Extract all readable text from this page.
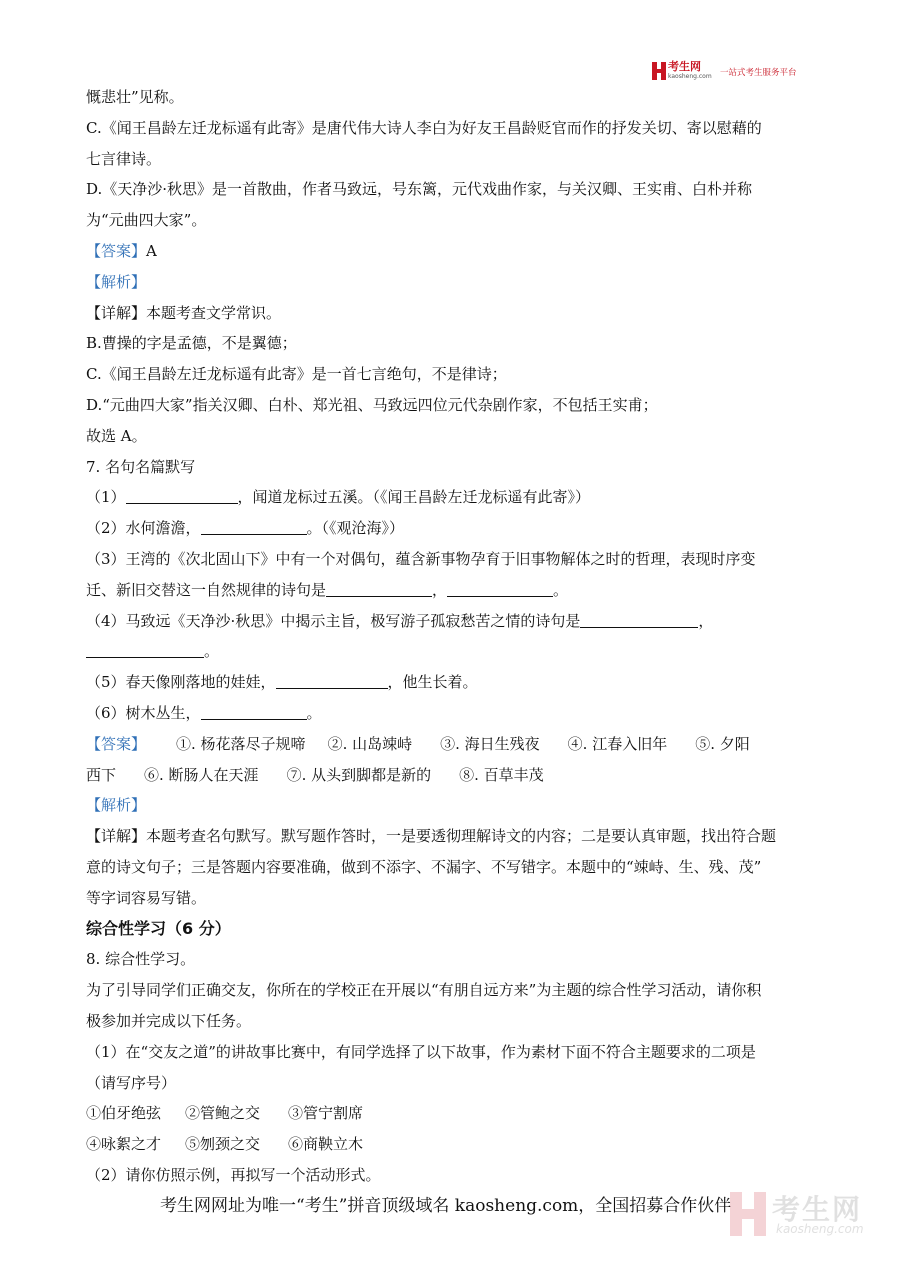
考生网
kaosheng.com 一站式考生服务平台
慨悲壮”见称。
C.《闻王昌龄左迁龙标遥有此寄》是唐代伟大诗人李白为好友王昌龄贬官而作的抒发关切、寄以慰藉的
七言律诗。
D.《天净沙·秋思》是一首散曲，作者马致远，号东篱，元代戏曲作家，与关汉卿、王实甫、白朴并称
为“元曲四大家”。
【答案】A
【解析】
【详解】本题考查文学常识。
B.曹操的字是孟德，不是翼德；
C.《闻王昌龄左迁龙标遥有此寄》是一首七言绝句，不是律诗；
D.“元曲四大家”指关汉卿、白朴、郑光祖、马致远四位元代杂剧作家，不包括王实甫；
故选 A。
7. 名句名篇默写
（1）	，闻道龙标过五溪。（《闻王昌龄左迁龙标遥有此寄》）
（2）水何澹澹，	。（《观沧海》）
（3）王湾的《次北固山下》中有一个对偶句，蕴含新事物孕育于旧事物解体之时的哲理，表现时序变
迁、新旧交替这一自然规律的诗句是	，	。
（4）马致远《天净沙·秋思》中揭示主旨，极写游子孤寂愁苦之情的诗句是	，
。
（5）春天像刚落地的娃娃，	，他生长着。
（6）树木丛生，	。
【答案】 ①. 杨花落尽子规啼 ②. 山岛竦峙 ③. 海日生残夜 ④. 江春入旧年 ⑤. 夕阳
西下 ⑥. 断肠人在天涯 ⑦. 从头到脚都是新的 ⑧. 百草丰茂
【解析】
【详解】本题考查名句默写。默写题作答时，一是要透彻理解诗文的内容；二是要认真审题，找出符合题
意的诗文句子；三是答题内容要准确，做到不添字、不漏字、不写错字。本题中的“竦峙、生、残、茂”
等字词容易写错。
综合性学习（6 分）
8. 综合性学习。
为了引导同学们正确交友，你所在的学校正在开展以“有朋自远方来”为主题的综合性学习活动，请你积
极参加并完成以下任务。
（1）在“交友之道”的讲故事比赛中，有同学选择了以下故事，作为素材下面不符合主题要求的二项是
（请写序号）
①伯牙绝弦 ②管鲍之交 ③管宁割席
④咏絮之才 ⑤刎颈之交 ⑥商鞅立木
（2）请你仿照示例，再拟写一个活动形式。
考生网网址为唯一“考生”拼音顶级域名 kaosheng.com，全国招募合作伙伴 考生网
kaosheng.com
